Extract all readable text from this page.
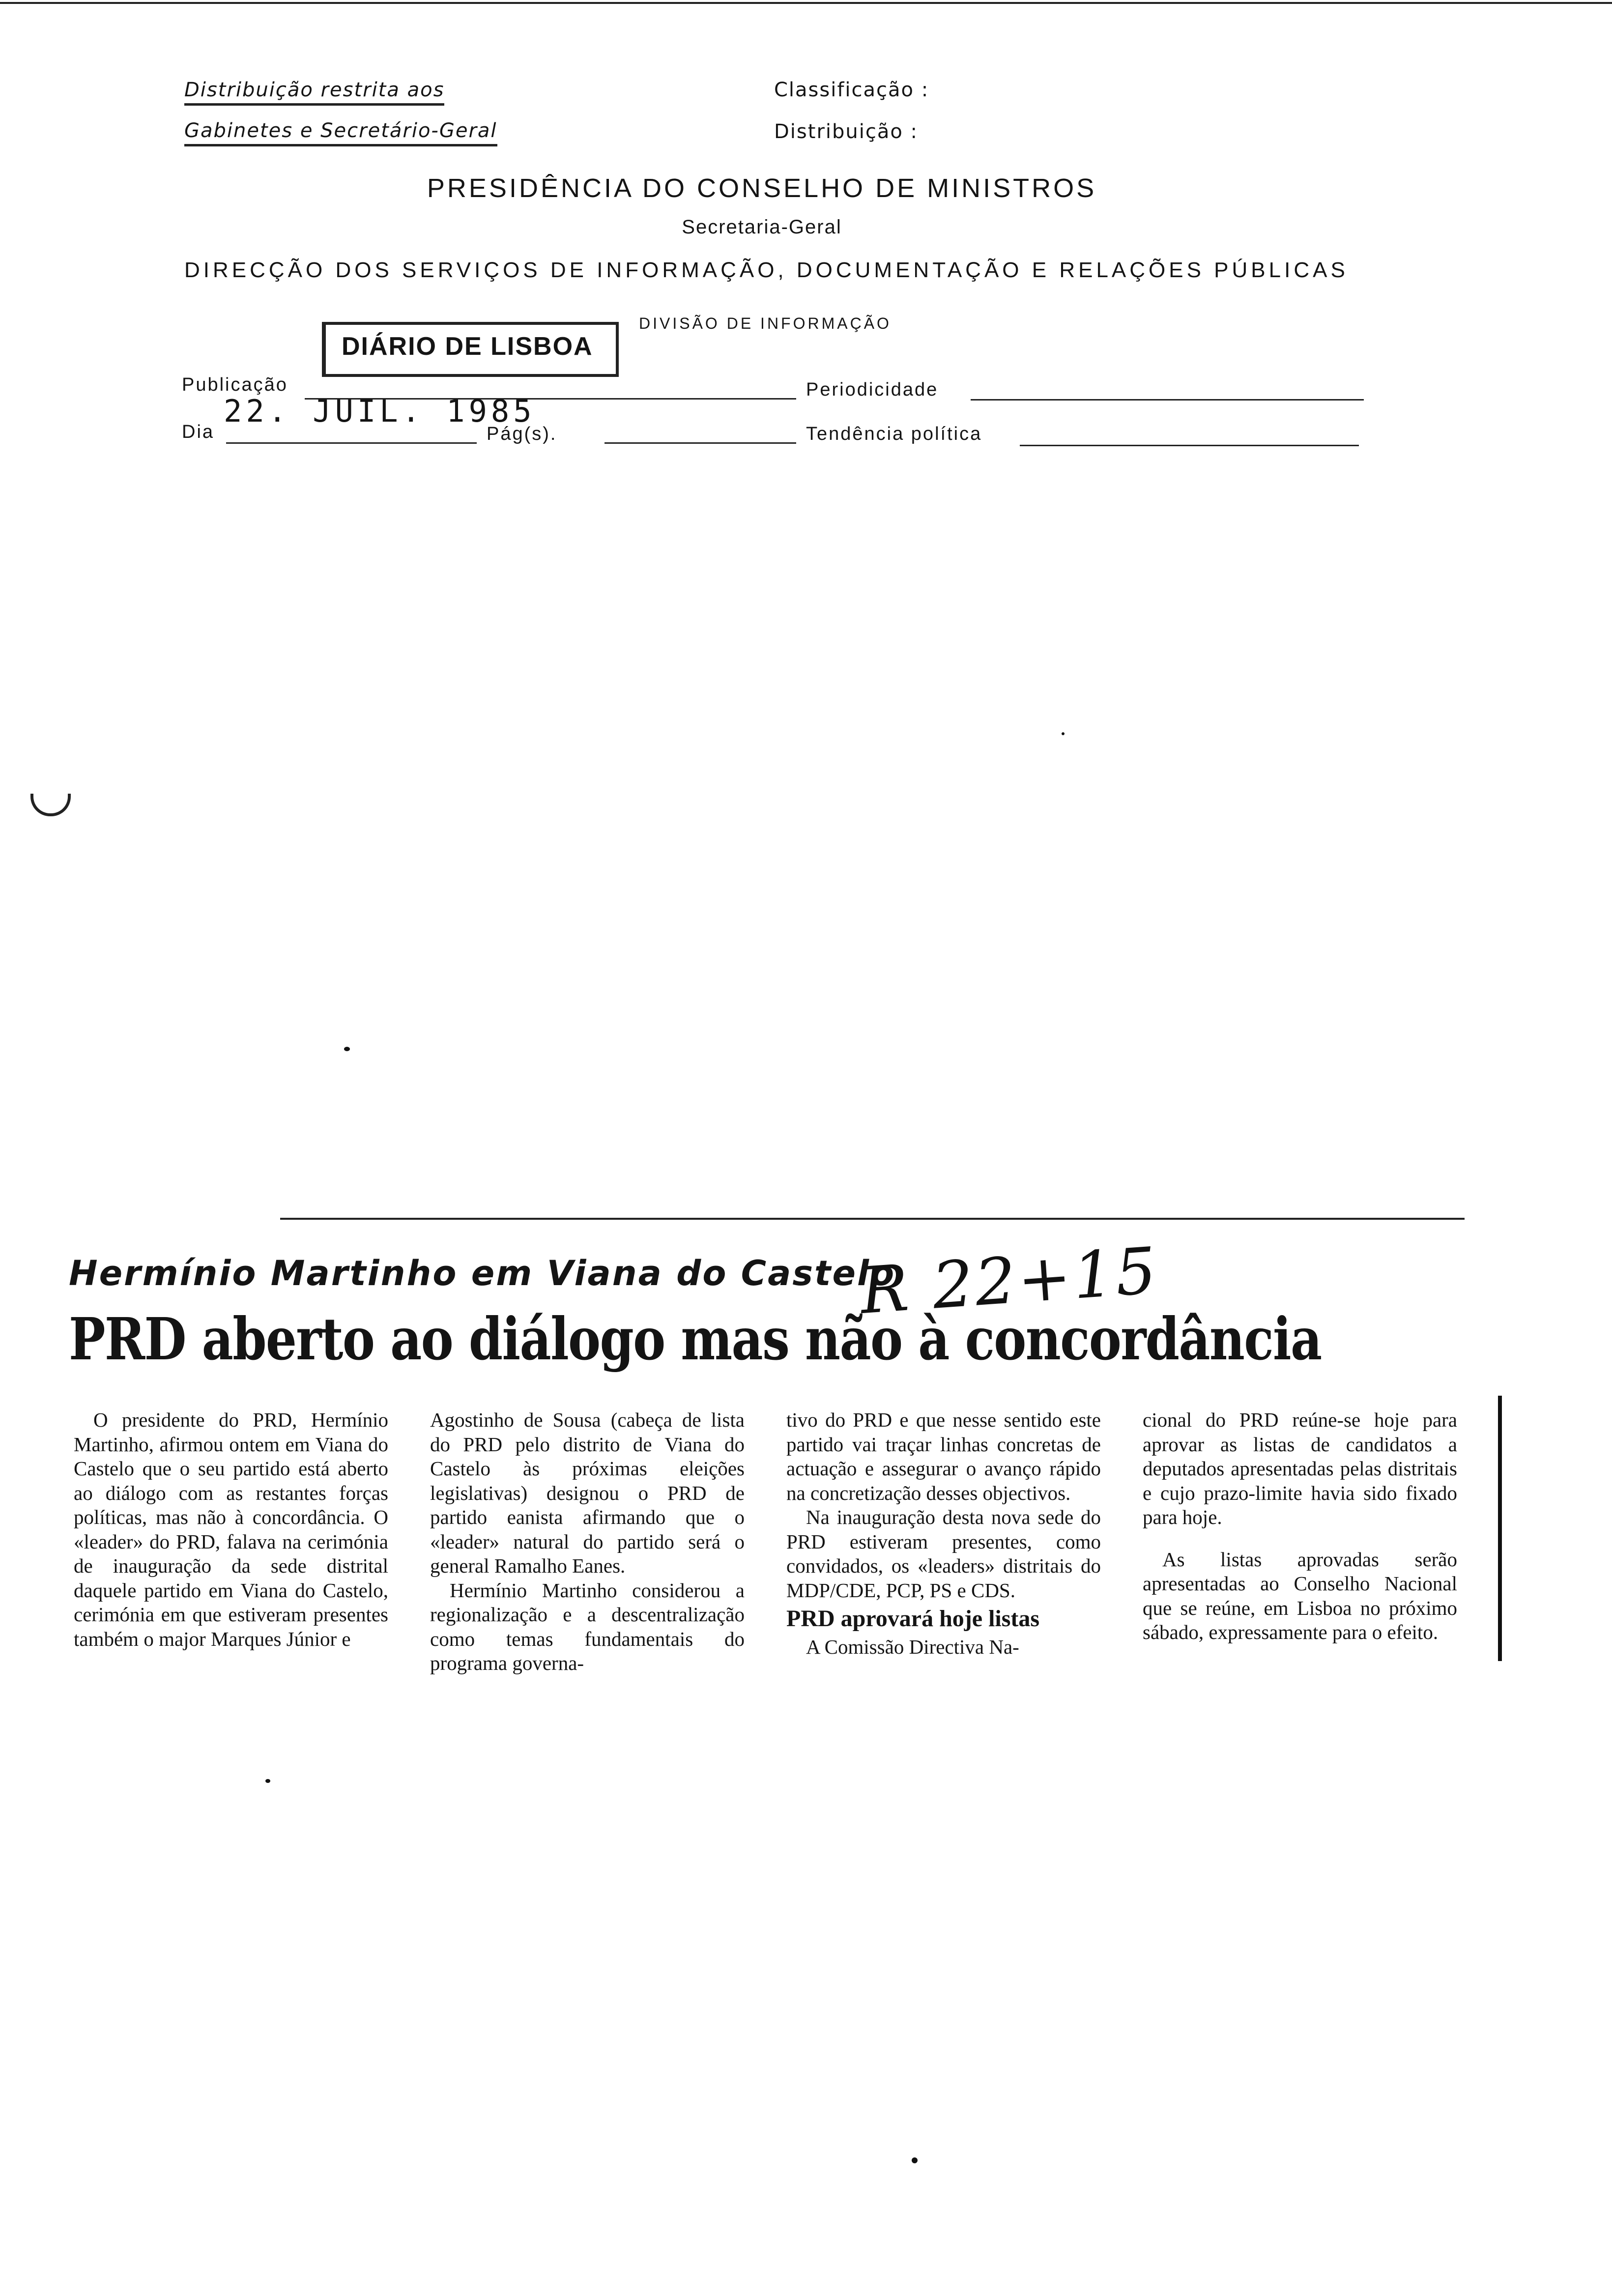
Distribuição restrita aos
Gabinetes e Secretário-Geral
Classificação :
Distribuição :
PRESIDÊNCIA DO CONSELHO DE MINISTROS
Secretaria-Geral
DIRECÇÃO DOS SERVIÇOS DE INFORMAÇÃO, DOCUMENTAÇÃO E RELAÇÕES PÚBLICAS
DIÁRIO DE LISBOA
DIVISÃO DE INFORMAÇÃO
Publicação	Periodicidade
22. JUIL. 1985
Dia	Pág(s).	Tendência política
Hermínio Martinho em Viana do Castelo
R 22+15
PRD aberto ao diálogo mas não à concordância

O presidente do PRD, Hermínio Martinho, afirmou ontem em Viana do Castelo que o seu partido está aberto ao diálogo com as restantes forças políticas, mas não à concordância. O «leader» do PRD, falava na cerimónia de inauguração da sede distrital daquele partido em Viana do Castelo, cerimónia em que estiveram presentes também o major Marques Júnior e

Agostinho de Sousa (cabeça de lista do PRD pelo distrito de Viana do Castelo às próximas eleições legislativas) designou o PRD de partido eanista afirmando que o «leader» natural do partido será o general Ramalho Eanes.

Hermínio Martinho considerou a regionalização e a descentralização como temas fundamentais do programa governa-

tivo do PRD e que nesse sentido este partido vai traçar linhas concretas de actuação e assegurar o avanço rápido na concretização desses objectivos.

Na inauguração desta nova sede do PRD estiveram presentes, como convidados, os «leaders» distritais do MDP/CDE, PCP, PS e CDS.

PRD aprovará hoje listas

A Comissão Directiva Na-

cional do PRD reúne-se hoje para aprovar as listas de candidatos a deputados apresentadas pelas distritais e cujo prazo-limite havia sido fixado para hoje.

As listas aprovadas serão apresentadas ao Conselho Nacional que se reúne, em Lisboa no próximo sábado, expressamente para o efeito.
